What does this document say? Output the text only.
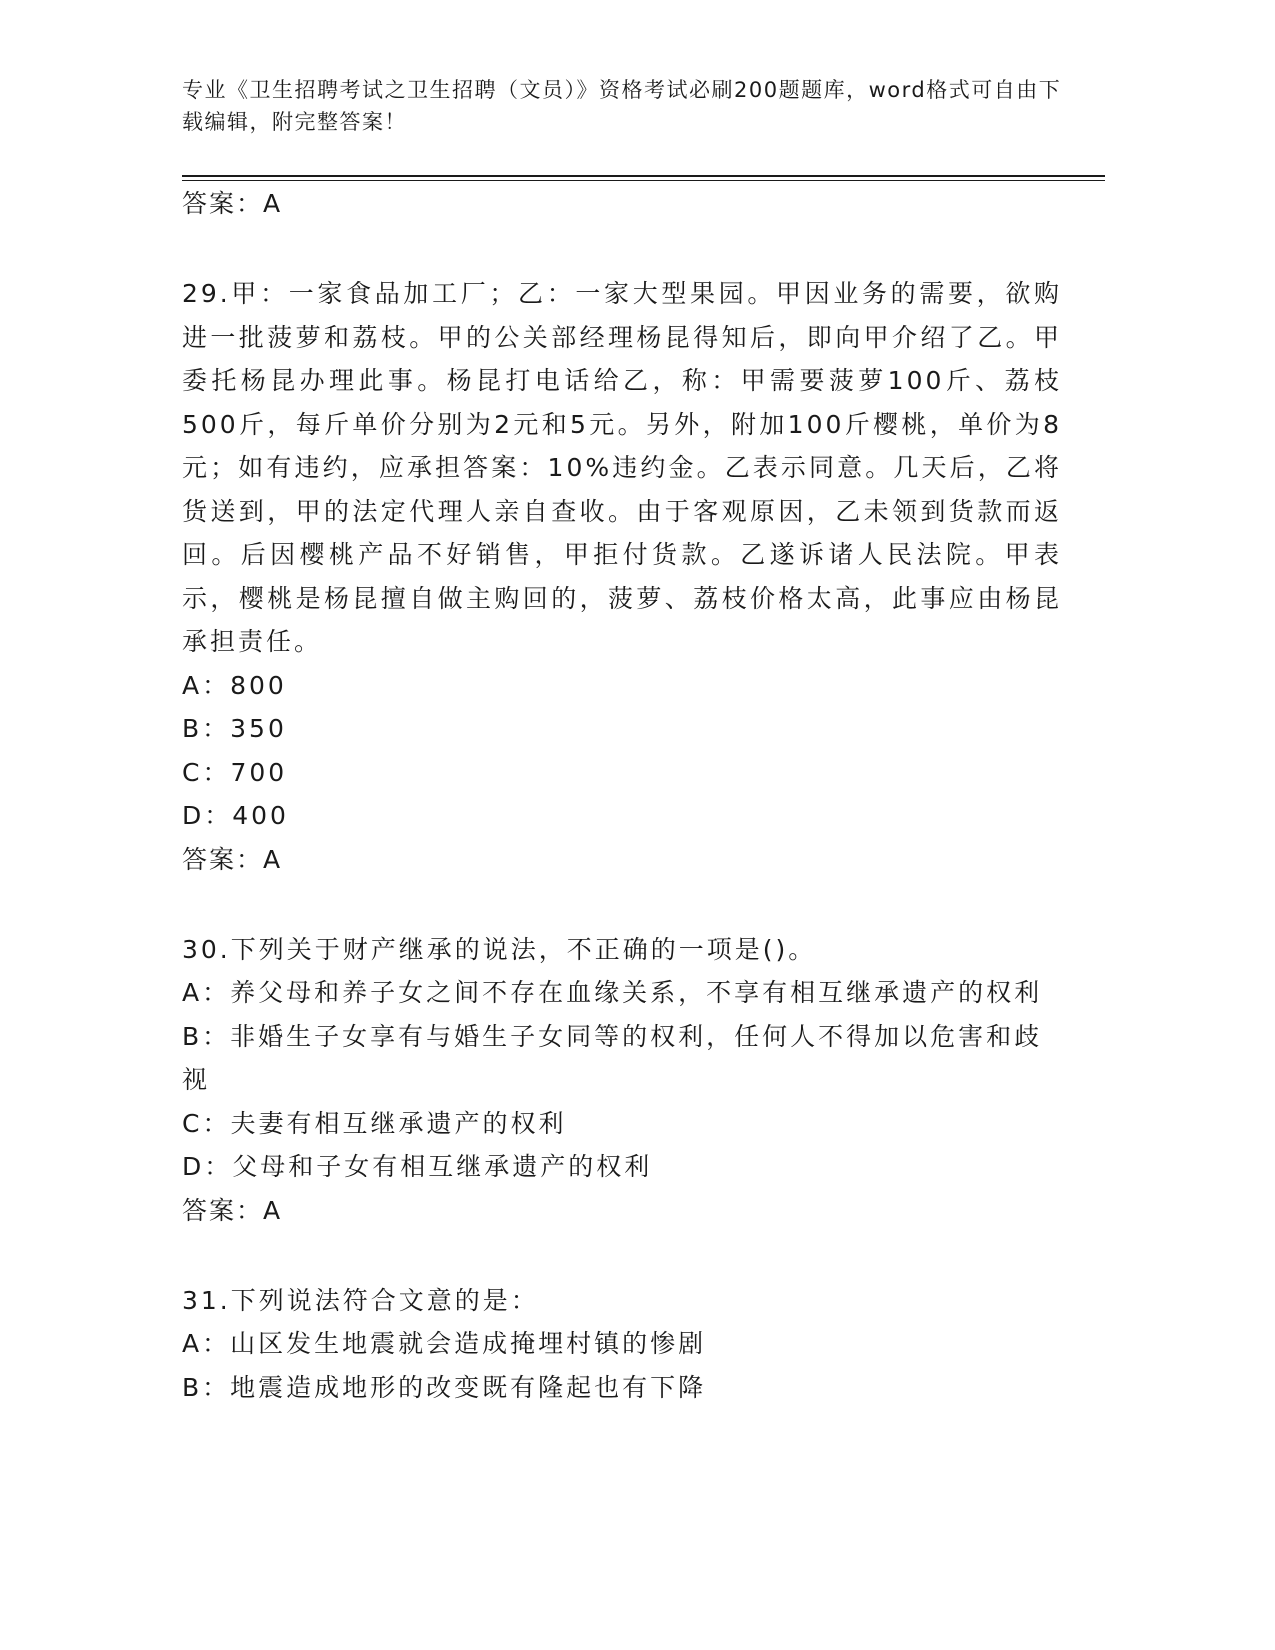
专业《卫生招聘考试之卫生招聘（文员）》资格考试必刷200题题库，word格式可自由下载编辑，附完整答案！

答案：A

29.甲：一家食品加工厂；乙：一家大型果园。甲因业务的需要，欲购进一批菠萝和荔枝。甲的公关部经理杨昆得知后，即向甲介绍了乙。甲委托杨昆办理此事。杨昆打电话给乙，称：甲需要菠萝100斤、荔枝500斤，每斤单价分别为2元和5元。另外，附加100斤樱桃，单价为8元；如有违约，应承担答案：10%违约金。乙表示同意。几天后，乙将货送到，甲的法定代理人亲自查收。由于客观原因，乙未领到货款而返回。后因樱桃产品不好销售，甲拒付货款。乙遂诉诸人民法院。甲表示，樱桃是杨昆擅自做主购回的，菠萝、荔枝价格太高，此事应由杨昆承担责任。

A：800

B：350

C：700

D：400

答案：A

30.下列关于财产继承的说法，不正确的一项是()。

A：养父母和养子女之间不存在血缘关系，不享有相互继承遗产的权利

B：非婚生子女享有与婚生子女同等的权利，任何人不得加以危害和歧视

C：夫妻有相互继承遗产的权利

D：父母和子女有相互继承遗产的权利

答案：A

31.下列说法符合文意的是：

A：山区发生地震就会造成掩埋村镇的惨剧

B：地震造成地形的改变既有隆起也有下降
